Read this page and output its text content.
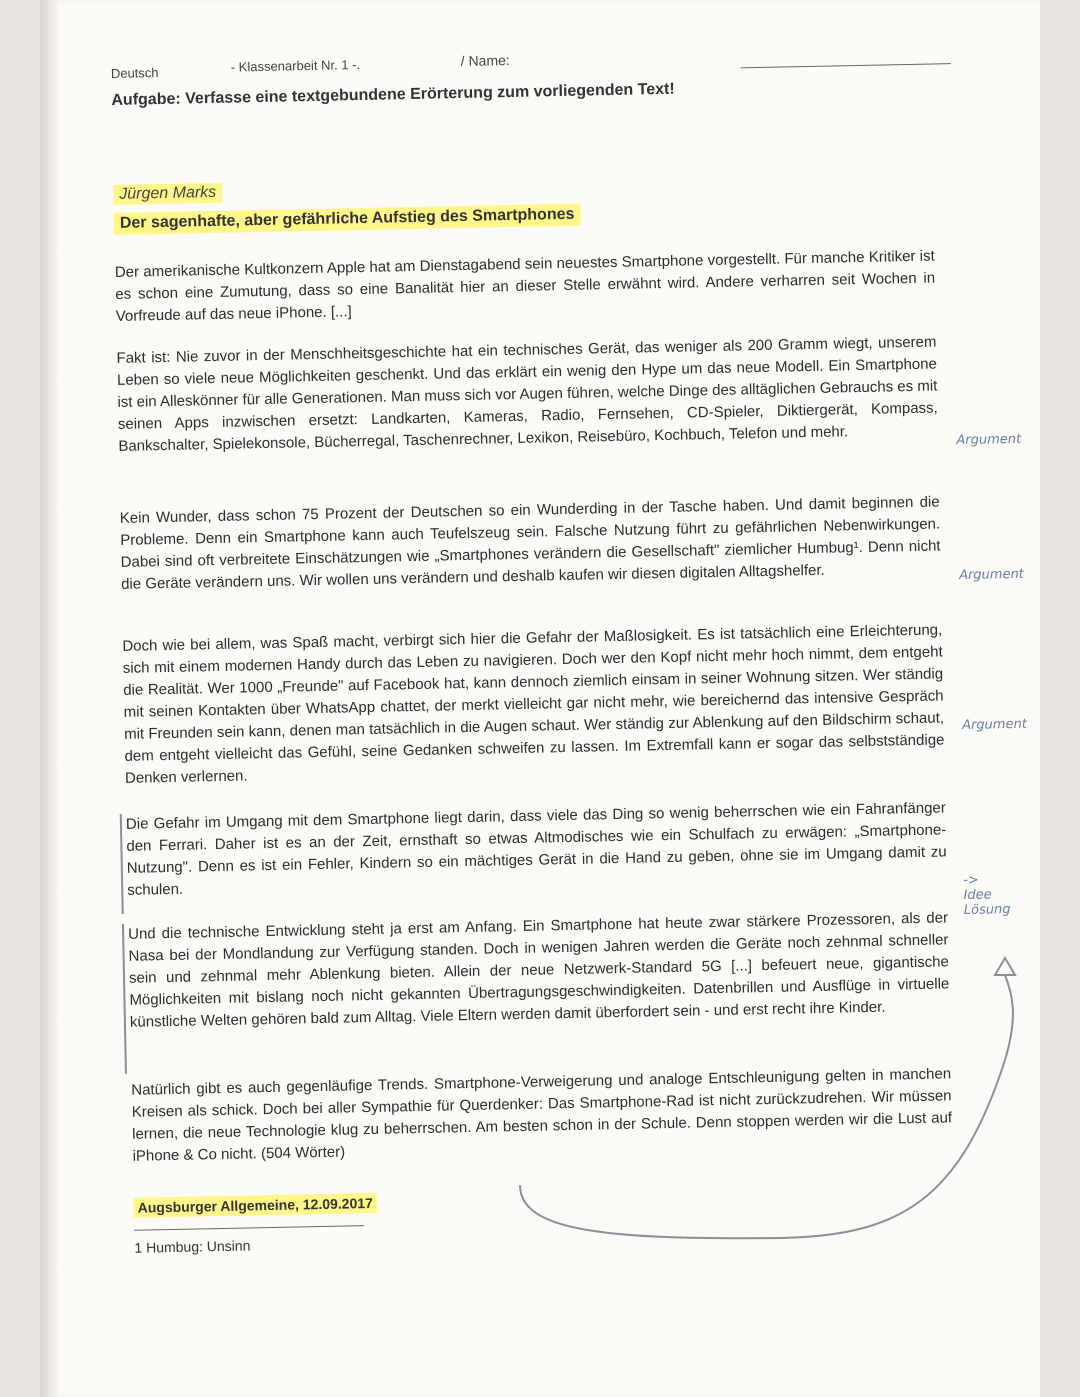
Deutsch	- Klassenarbeit Nr. 1 -.	/ Name:
Aufgabe: Verfasse eine textgebundene Erörterung zum vorliegenden Text!
Jürgen Marks
Der sagenhafte, aber gefährliche Aufstieg des Smartphones
Der amerikanische Kultkonzern Apple hat am Dienstagabend sein neuestes Smartphone vorgestellt. Für manche Kritiker ist es schon eine Zumutung, dass so eine Banalität hier an dieser Stelle erwähnt wird. Andere verharren seit Wochen in Vorfreude auf das neue iPhone. [...]
Fakt ist: Nie zuvor in der Menschheitsgeschichte hat ein technisches Gerät, das weniger als 200 Gramm wiegt, unserem Leben so viele neue Möglichkeiten geschenkt. Und das erklärt ein wenig den Hype um das neue Modell. Ein Smartphone ist ein Alleskönner für alle Generationen. Man muss sich vor Augen führen, welche Dinge des alltäglichen Gebrauchs es mit seinen Apps inzwischen ersetzt: Landkarten, Kameras, Radio, Fernsehen, CD-Spieler, Diktiergerät, Kompass, Bankschalter, Spielekonsole, Bücherregal, Taschenrechner, Lexikon, Reisebüro, Kochbuch, Telefon und mehr.
Kein Wunder, dass schon 75 Prozent der Deutschen so ein Wunderding in der Tasche haben. Und damit beginnen die Probleme. Denn ein Smartphone kann auch Teufelszeug sein. Falsche Nutzung führt zu gefährlichen Nebenwirkungen. Dabei sind oft verbreitete Einschätzungen wie „Smartphones verändern die Gesellschaft" ziemlicher Humbug¹. Denn nicht die Geräte verändern uns. Wir wollen uns verändern und deshalb kaufen wir diesen digitalen Alltagshelfer.
Doch wie bei allem, was Spaß macht, verbirgt sich hier die Gefahr der Maßlosigkeit. Es ist tatsächlich eine Erleichterung, sich mit einem modernen Handy durch das Leben zu navigieren. Doch wer den Kopf nicht mehr hoch nimmt, dem entgeht die Realität. Wer 1000 „Freunde" auf Facebook hat, kann dennoch ziemlich einsam in seiner Wohnung sitzen. Wer ständig mit seinen Kontakten über WhatsApp chattet, der merkt vielleicht gar nicht mehr, wie bereichernd das intensive Gespräch mit Freunden sein kann, denen man tatsächlich in die Augen schaut. Wer ständig zur Ablenkung auf den Bildschirm schaut, dem entgeht vielleicht das Gefühl, seine Gedanken schweifen zu lassen. Im Extremfall kann er sogar das selbstständige Denken verlernen.
Die Gefahr im Umgang mit dem Smartphone liegt darin, dass viele das Ding so wenig beherrschen wie ein Fahranfänger den Ferrari. Daher ist es an der Zeit, ernsthaft so etwas Altmodisches wie ein Schulfach zu erwägen: „Smartphone-Nutzung". Denn es ist ein Fehler, Kindern so ein mächtiges Gerät in die Hand zu geben, ohne sie im Umgang damit zu schulen.
Und die technische Entwicklung steht ja erst am Anfang. Ein Smartphone hat heute zwar stärkere Prozessoren, als der Nasa bei der Mondlandung zur Verfügung standen. Doch in wenigen Jahren werden die Geräte noch zehnmal schneller sein und zehnmal mehr Ablenkung bieten. Allein der neue Netzwerk-Standard 5G [...] befeuert neue, gigantische Möglichkeiten mit bislang noch nicht gekannten Übertragungsgeschwindigkeiten. Datenbrillen und Ausflüge in virtuelle künstliche Welten gehören bald zum Alltag. Viele Eltern werden damit überfordert sein - und erst recht ihre Kinder.
Natürlich gibt es auch gegenläufige Trends. Smartphone-Verweigerung und analoge Entschleunigung gelten in manchen Kreisen als schick. Doch bei aller Sympathie für Querdenker: Das Smartphone-Rad ist nicht zurückzudrehen. Wir müssen lernen, die neue Technologie klug zu beherrschen. Am besten schon in der Schule. Denn stoppen werden wir die Lust auf iPhone & Co nicht. (504 Wörter)
Augsburger Allgemeine, 12.09.2017
1 Humbug: Unsinn
Argument
Argument
Argument
-> Idee Lösung
